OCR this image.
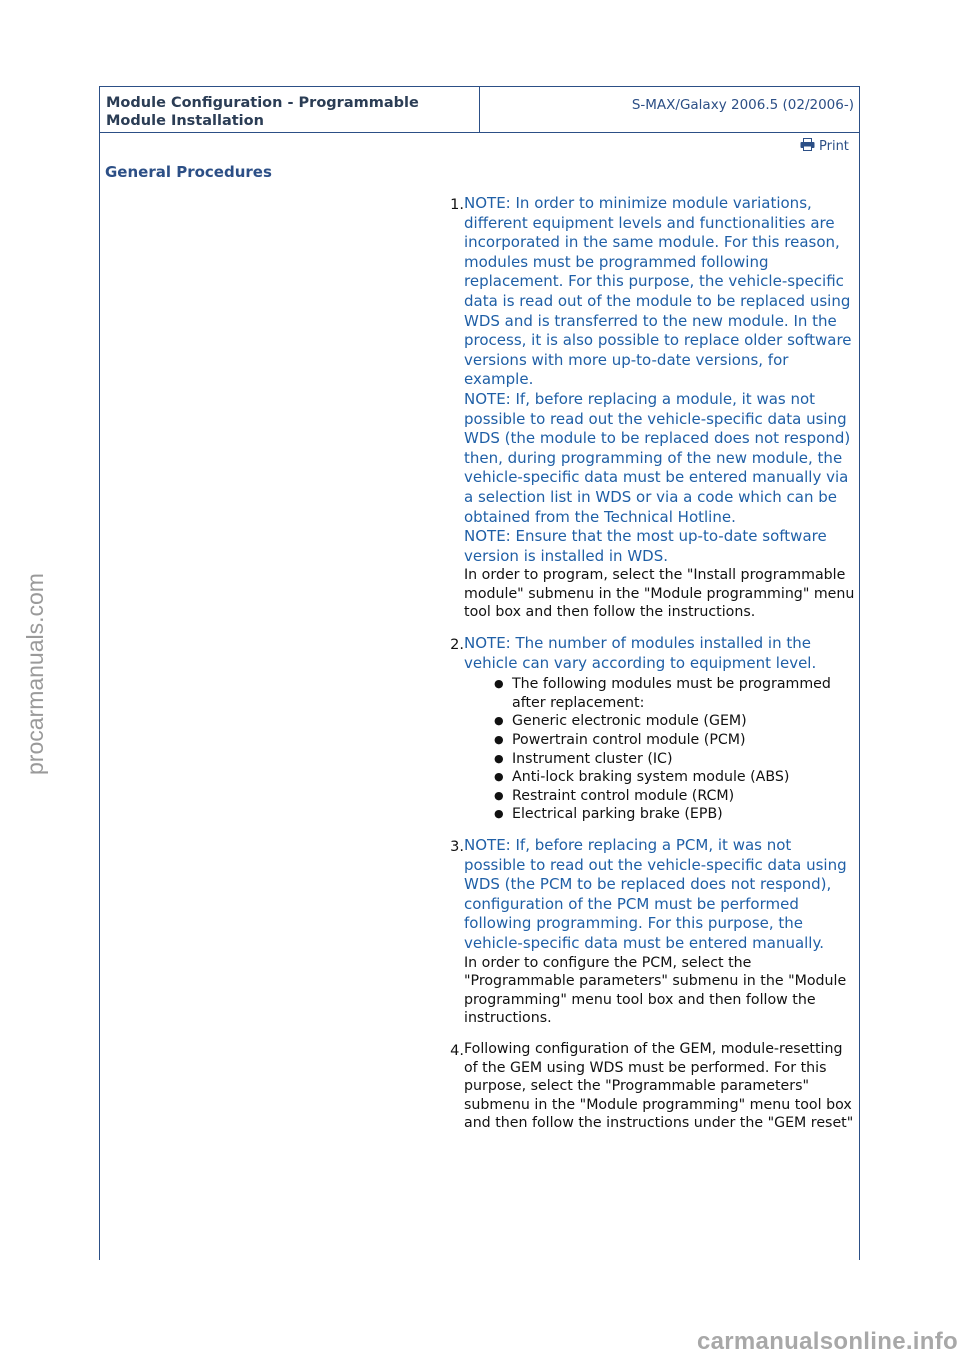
Module Configuration - Programmable Module Installation
S-MAX/Galaxy 2006.5 (02/2006-)
Print
General Procedures
1. NOTE: In order to minimize module variations, different equipment levels and functionalities are incorporated in the same module. For this reason, modules must be programmed following replacement. For this purpose, the vehicle-specific data is read out of the module to be replaced using WDS and is transferred to the new module. In the process, it is also possible to replace older software versions with more up-to-date versions, for example.

NOTE: If, before replacing a module, it was not possible to read out the vehicle-specific data using WDS (the module to be replaced does not respond) then, during programming of the new module, the vehicle-specific data must be entered manually via a selection list in WDS or via a code which can be obtained from the Technical Hotline.

NOTE: Ensure that the most up-to-date software version is installed in WDS.

In order to program, select the "Install programmable module" submenu in the "Module programming" menu tool box and then follow the instructions.

2. NOTE: The number of modules installed in the vehicle can vary according to equipment level.

● The following modules must be programmed after replacement:
● Generic electronic module (GEM)
● Powertrain control module (PCM)
● Instrument cluster (IC)
● Anti-lock braking system module (ABS)
● Restraint control module (RCM)
● Electrical parking brake (EPB)
3. NOTE: If, before replacing a PCM, it was not possible to read out the vehicle-specific data using WDS (the PCM to be replaced does not respond), configuration of the PCM must be performed following programming. For this purpose, the vehicle-specific data must be entered manually.

In order to configure the PCM, select the "Programmable parameters" submenu in the "Module programming" menu tool box and then follow the instructions.

4. Following configuration of the GEM, module-resetting of the GEM using WDS must be performed. For this purpose, select the "Programmable parameters" submenu in the "Module programming" menu tool box and then follow the instructions under the "GEM reset"

procarmanuals.com
carmanualsonline.info
